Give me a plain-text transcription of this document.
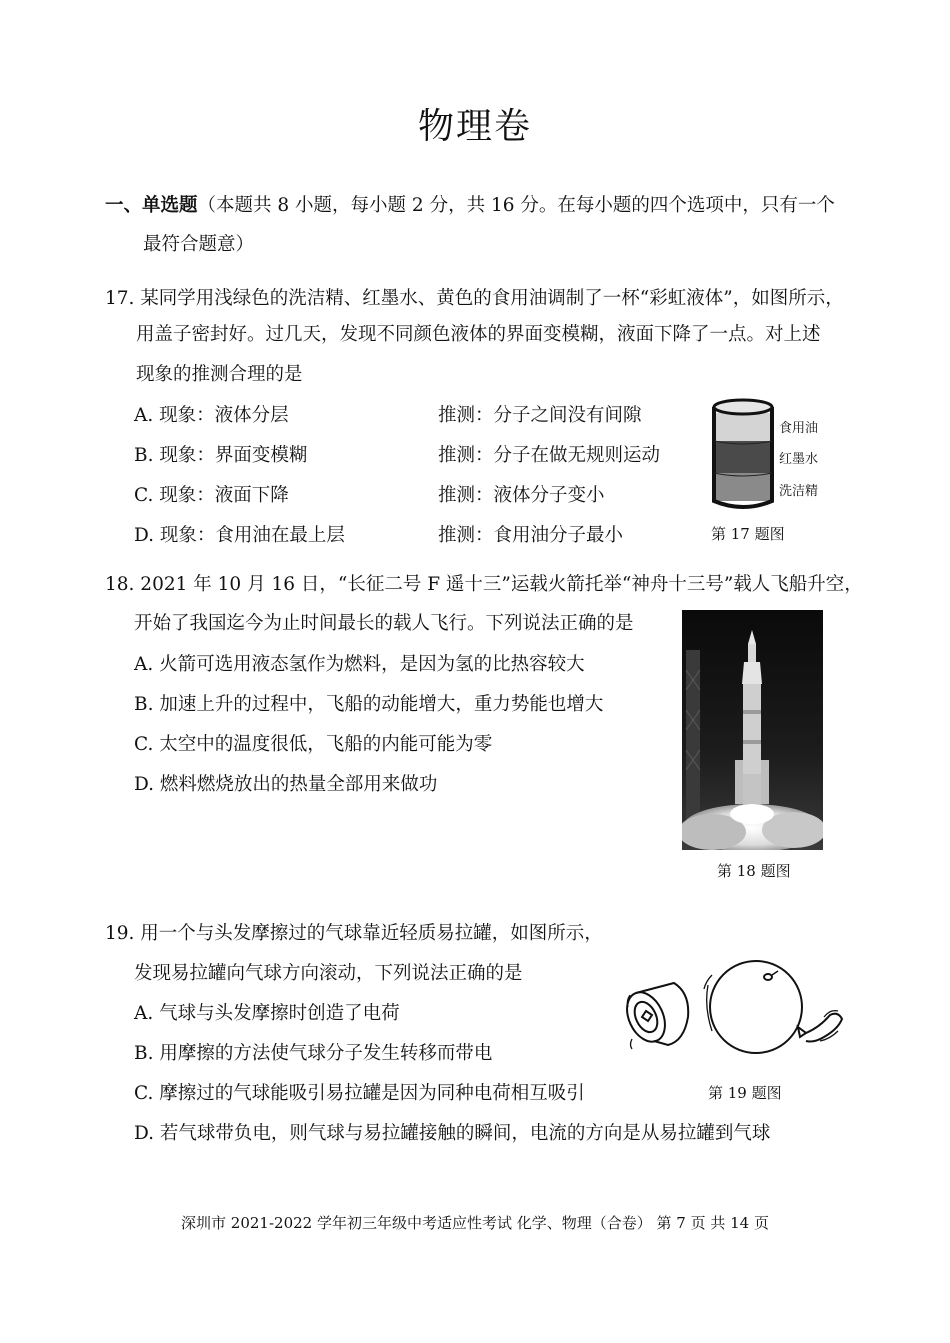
物理卷
一、单选题（本题共 8 小题，每小题 2 分，共 16 分。在每小题的四个选项中，只有一个
最符合题意）
17. 某同学用浅绿色的洗洁精、红墨水、黄色的食用油调制了一杯“彩虹液体”，如图所示，
用盖子密封好。过几天，发现不同颜色液体的界面变模糊，液面下降了一点。对上述
现象的推测合理的是
A. 现象：液体分层	推测：分子之间没有间隙
B. 现象：界面变模糊	推测：分子在做无规则运动
C. 现象：液面下降	推测：液体分子变小
D. 现象：食用油在最上层	推测：食用油分子最小
食用油
红墨水
洗洁精
第 17 题图
18. 2021 年 10 月 16 日，“长征二号 F 遥十三”运载火箭托举“神舟十三号”载人飞船升空，
开始了我国迄今为止时间最长的载人飞行。下列说法正确的是
A. 火箭可选用液态氢作为燃料，是因为氢的比热容较大
B. 加速上升的过程中，飞船的动能增大，重力势能也增大
C. 太空中的温度很低，飞船的内能可能为零
D. 燃料燃烧放出的热量全部用来做功
第 18 题图
19. 用一个与头发摩擦过的气球靠近轻质易拉罐，如图所示，
发现易拉罐向气球方向滚动，下列说法正确的是
A. 气球与头发摩擦时创造了电荷
B. 用摩擦的方法使气球分子发生转移而带电
C. 摩擦过的气球能吸引易拉罐是因为同种电荷相互吸引
D. 若气球带负电，则气球与易拉罐接触的瞬间，电流的方向是从易拉罐到气球
第 19 题图
深圳市 2021-2022 学年初三年级中考适应性考试 化学、物理（合卷） 第 7 页 共 14 页
